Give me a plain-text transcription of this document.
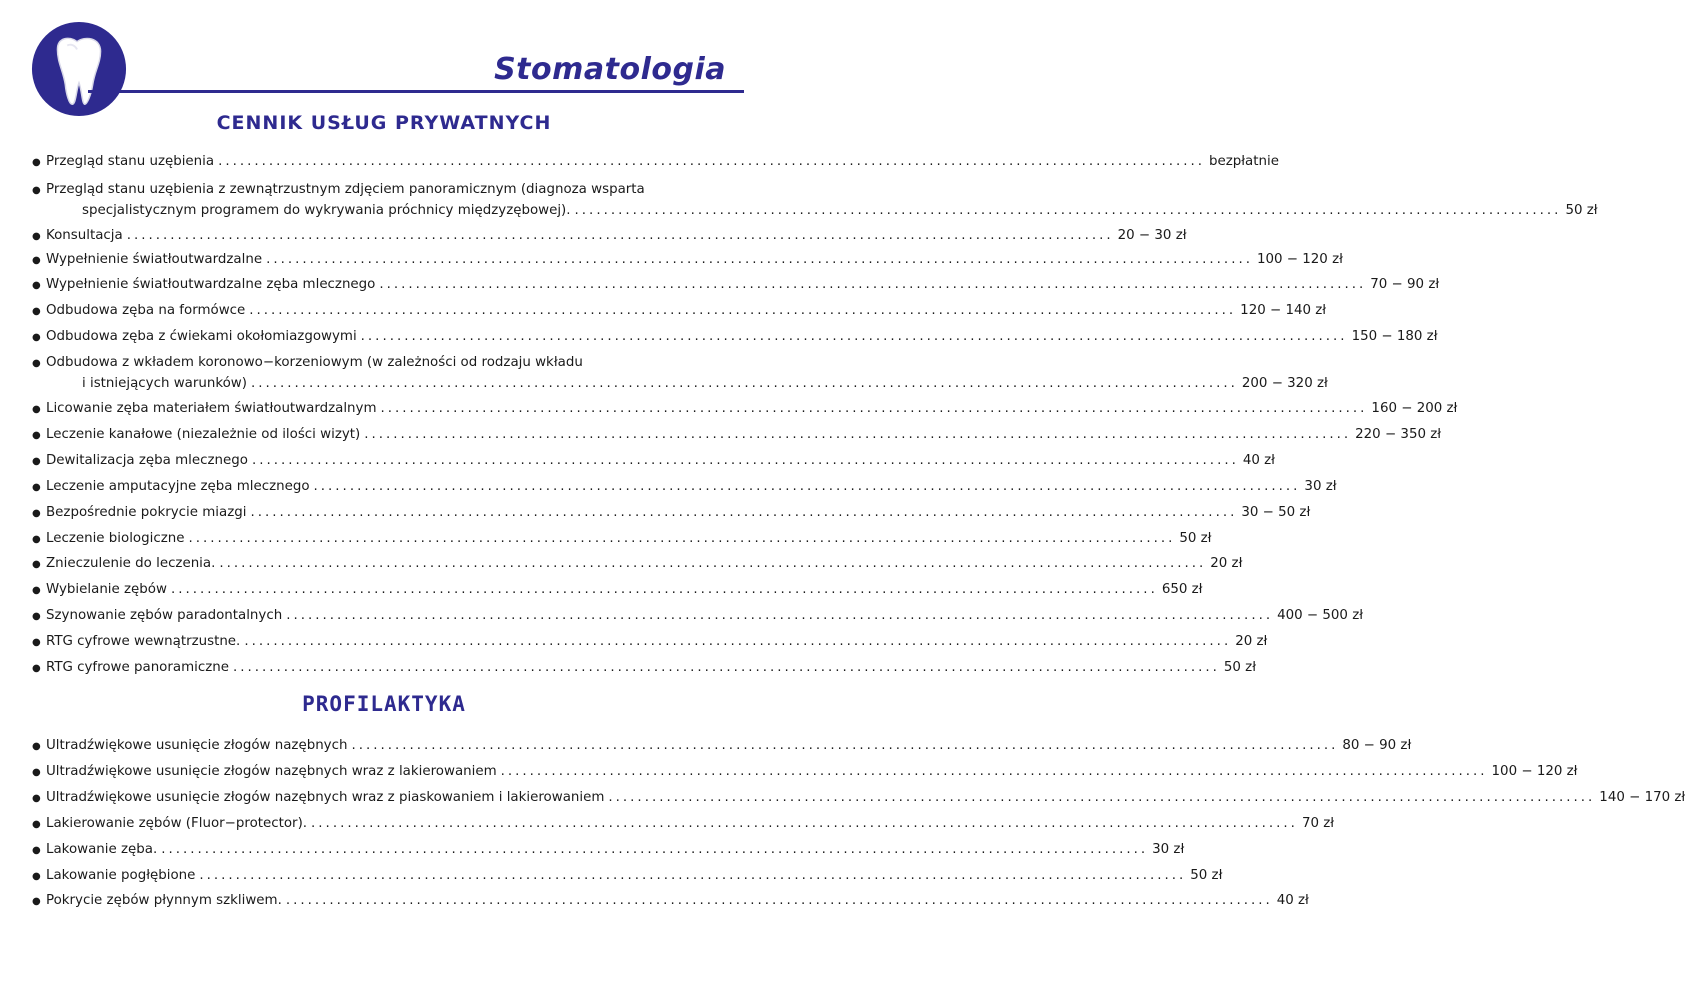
Stomatologia
CENNIK USŁUG PRYWATNYCH
● Przegląd stanu uzębienia ........................................................................................................................................ bezpłatnie
● Przegląd stanu uzębienia z zewnątrzustnym zdjęciem panoramicznym (diagnoza wsparta
specjalistycznym programem do wykrywania próchnicy międzyzębowej). ........................................................................................................................................ 50 zł
● Konsultacja ........................................................................................................................................ 20 − 30 zł
● Wypełnienie światłoutwardzalne ........................................................................................................................................ 100 − 120 zł
● Wypełnienie światłoutwardzalne zęba mlecznego ........................................................................................................................................ 70 − 90 zł
● Odbudowa zęba na formówce ........................................................................................................................................ 120 − 140 zł
● Odbudowa zęba z ćwiekami okołomiazgowymi ........................................................................................................................................ 150 − 180 zł
● Odbudowa z wkładem koronowo−korzeniowym (w zależności od rodzaju wkładu
i istniejących warunków) ........................................................................................................................................ 200 − 320 zł
● Licowanie zęba materiałem światłoutwardzalnym ........................................................................................................................................ 160 − 200 zł
● Leczenie kanałowe (niezależnie od ilości wizyt) ........................................................................................................................................ 220 − 350 zł
● Dewitalizacja zęba mlecznego ........................................................................................................................................ 40 zł
● Leczenie amputacyjne zęba mlecznego ........................................................................................................................................ 30 zł
● Bezpośrednie pokrycie miazgi ........................................................................................................................................ 30 − 50 zł
● Leczenie biologiczne ........................................................................................................................................ 50 zł
● Znieczulenie do leczenia. ........................................................................................................................................ 20 zł
● Wybielanie zębów ........................................................................................................................................ 650 zł
● Szynowanie zębów paradontalnych ........................................................................................................................................ 400 − 500 zł
● RTG cyfrowe wewnątrzustne. ........................................................................................................................................ 20 zł
● RTG cyfrowe panoramiczne ........................................................................................................................................ 50 zł
PROFILAKTYKA
● Ultradźwiękowe usunięcie złogów nazębnych ........................................................................................................................................ 80 − 90 zł
● Ultradźwiękowe usunięcie złogów nazębnych wraz z lakierowaniem ........................................................................................................................................ 100 − 120 zł
● Ultradźwiękowe usunięcie złogów nazębnych wraz z piaskowaniem i lakierowaniem ........................................................................................................................................ 140 − 170 zł
● Lakierowanie zębów (Fluor−protector). ........................................................................................................................................ 70 zł
● Lakowanie zęba. ........................................................................................................................................ 30 zł
● Lakowanie pogłębione ........................................................................................................................................ 50 zł
● Pokrycie zębów płynnym szkliwem. ........................................................................................................................................ 40 zł
